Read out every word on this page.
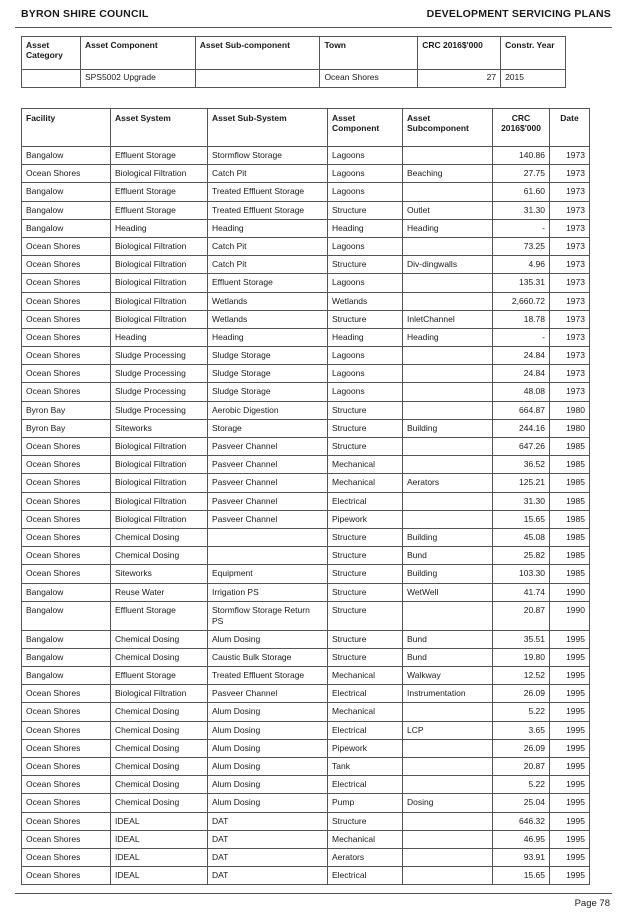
BYRON SHIRE COUNCIL	DEVELOPMENT SERVICING PLANS
Asset Category	Asset Component	Asset Sub-component	Town	CRC 2016$'000	Constr. Year
	SPS5002 Upgrade		Ocean Shores	27	2015
Facility	Asset System	Asset Sub-System	Asset Component	Asset Subcomponent	CRC 2016$'000	Date
Bangalow	Effluent Storage	Stormflow Storage	Lagoons		140.86	1973
Ocean Shores	Biological Filtration	Catch Pit	Lagoons	Beaching	27.75	1973
Bangalow	Effluent Storage	Treated Effluent Storage	Lagoons		61.60	1973
Bangalow	Effluent Storage	Treated Effluent Storage	Structure	Outlet	31.30	1973
Bangalow	Heading	Heading	Heading	Heading	-	1973
Ocean Shores	Biological Filtration	Catch Pit	Lagoons		73.25	1973
Ocean Shores	Biological Filtration	Catch Pit	Structure	Div-dingwalls	4.96	1973
Ocean Shores	Biological Filtration	Effluent Storage	Lagoons		135.31	1973
Ocean Shores	Biological Filtration	Wetlands	Wetlands		2,660.72	1973
Ocean Shores	Biological Filtration	Wetlands	Structure	InletChannel	18.78	1973
Ocean Shores	Heading	Heading	Heading	Heading	-	1973
Ocean Shores	Sludge Processing	Sludge Storage	Lagoons		24.84	1973
Ocean Shores	Sludge Processing	Sludge Storage	Lagoons		24.84	1973
Ocean Shores	Sludge Processing	Sludge Storage	Lagoons		48.08	1973
Byron Bay	Sludge Processing	Aerobic Digestion	Structure		664.87	1980
Byron Bay	Siteworks	Storage	Structure	Building	244.16	1980
Ocean Shores	Biological Filtration	Pasveer Channel	Structure		647.26	1985
Ocean Shores	Biological Filtration	Pasveer Channel	Mechanical		36.52	1985
Ocean Shores	Biological Filtration	Pasveer Channel	Mechanical	Aerators	125.21	1985
Ocean Shores	Biological Filtration	Pasveer Channel	Electrical		31.30	1985
Ocean Shores	Biological Filtration	Pasveer Channel	Pipework		15.65	1985
Ocean Shores	Chemical Dosing		Structure	Building	45.08	1985
Ocean Shores	Chemical Dosing		Structure	Bund	25.82	1985
Ocean Shores	Siteworks	Equipment	Structure	Building	103.30	1985
Bangalow	Reuse Water	Irrigation PS	Structure	WetWell	41.74	1990
Bangalow	Effluent Storage	Stormflow Storage Return PS	Structure		20.87	1990
Bangalow	Chemical Dosing	Alum Dosing	Structure	Bund	35.51	1995
Bangalow	Chemical Dosing	Caustic Bulk Storage	Structure	Bund	19.80	1995
Bangalow	Effluent Storage	Treated Effluent Storage	Mechanical	Walkway	12.52	1995
Ocean Shores	Biological Filtration	Pasveer Channel	Electrical	Instrumentation	26.09	1995
Ocean Shores	Chemical Dosing	Alum Dosing	Mechanical		5.22	1995
Ocean Shores	Chemical Dosing	Alum Dosing	Electrical	LCP	3.65	1995
Ocean Shores	Chemical Dosing	Alum Dosing	Pipework		26.09	1995
Ocean Shores	Chemical Dosing	Alum Dosing	Tank		20.87	1995
Ocean Shores	Chemical Dosing	Alum Dosing	Electrical		5.22	1995
Ocean Shores	Chemical Dosing	Alum Dosing	Pump	Dosing	25.04	1995
Ocean Shores	IDEAL	DAT	Structure		646.32	1995
Ocean Shores	IDEAL	DAT	Mechanical		46.95	1995
Ocean Shores	IDEAL	DAT	Aerators		93.91	1995
Ocean Shores	IDEAL	DAT	Electrical		15.65	1995
Page 78
